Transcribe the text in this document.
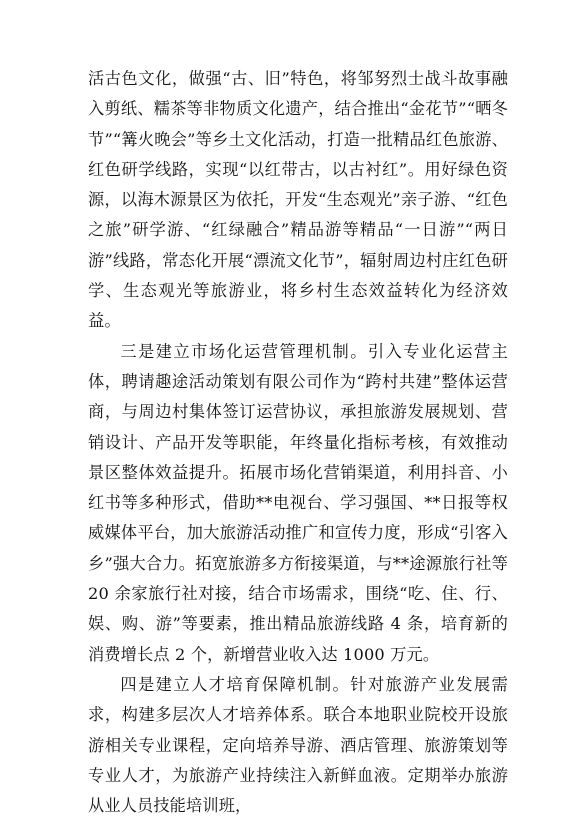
活古色文化，做强“古、旧”特色，将邹努烈士战斗故事融入剪纸、糯茶等非物质文化遗产，结合推出“金花节”“晒冬节”“篝火晚会”等乡土文化活动，打造一批精品红色旅游、红色研学线路，实现“以红带古，以古衬红”。用好绿色资源，以海木源景区为依托，开发“生态观光”亲子游、“红色之旅”研学游、“红绿融合”精品游等精品“一日游”“两日游”线路，常态化开展“漂流文化节”，辐射周边村庄红色研学、生态观光等旅游业，将乡村生态效益转化为经济效益。

三是建立市场化运营管理机制。引入专业化运营主体，聘请趣途活动策划有限公司作为“跨村共建”整体运营商，与周边村集体签订运营协议，承担旅游发展规划、营销设计、产品开发等职能，年终量化指标考核，有效推动景区整体效益提升。拓展市场化营销渠道，利用抖音、小红书等多种形式，借助**电视台、学习强国、**日报等权威媒体平台，加大旅游活动推广和宣传力度，形成“引客入乡”强大合力。拓宽旅游多方衔接渠道，与**途源旅行社等 20 余家旅行社对接，结合市场需求，围绕“吃、住、行、娱、购、游”等要素，推出精品旅游线路 4 条，培育新的消费增长点 2 个，新增营业收入达 1000 万元。

四是建立人才培育保障机制。针对旅游产业发展需求，构建多层次人才培养体系。联合本地职业院校开设旅游相关专业课程，定向培养导游、酒店管理、旅游策划等专业人才，为旅游产业持续注入新鲜血液。定期举办旅游从业人员技能培训班，
